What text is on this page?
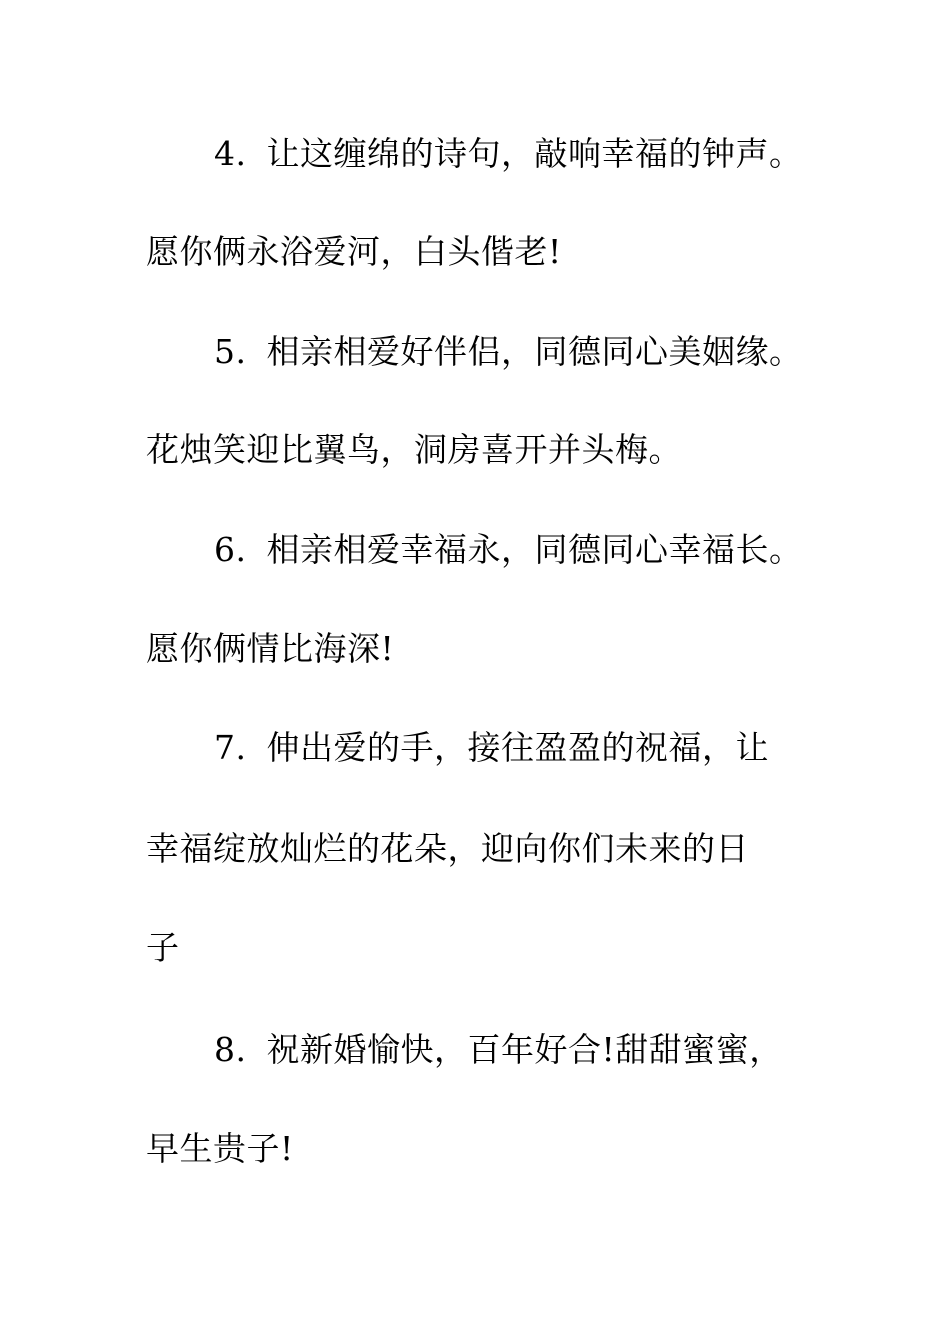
4. 让这缠绵的诗句，敲响幸福的钟声。
愿你俩永浴爱河，白头偕老!
5. 相亲相爱好伴侣，同德同心美姻缘。
花烛笑迎比翼鸟，洞房喜开并头梅。
6. 相亲相爱幸福永，同德同心幸福长。
愿你俩情比海深!
7. 伸出爱的手，接往盈盈的祝福，让
幸福绽放灿烂的花朵，迎向你们未来的日
子
8. 祝新婚愉快，百年好合!甜甜蜜蜜，
早生贵子!
